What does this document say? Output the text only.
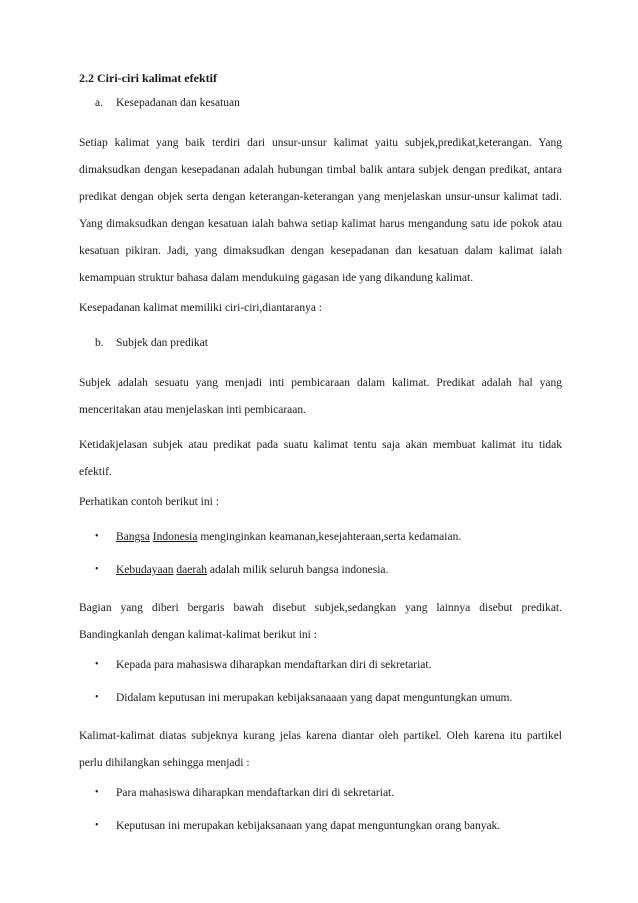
2.2 Ciri-ciri kalimat efektif
a.	Kesepadanan dan kesatuan

Setiap kalimat yang baik terdiri dari unsur-unsur kalimat yaitu subjek,predikat,keterangan. Yang dimaksudkan dengan kesepadanan adalah hubungan timbal balik antara subjek dengan predikat, antara predikat dengan objek serta dengan keterangan-keterangan yang menjelaskan unsur-unsur kalimat tadi. Yang dimaksudkan dengan kesatuan ialah bahwa setiap kalimat harus mengandung satu ide pokok atau kesatuan pikiran. Jadi, yang dimaksudkan dengan kesepadanan dan kesatuan dalam kalimat ialah kemampuan struktur bahasa dalam mendukuing gagasan ide yang dikandung kalimat.

Kesepadanan kalimat memiliki ciri-ciri,diantaranya :

b.	Subjek dan predikat

Subjek adalah sesuatu yang menjadi inti pembicaraan dalam kalimat. Predikat adalah hal yang menceritakan atau menjelaskan inti pembicaraan.

Ketidakjelasan subjek atau predikat pada suatu kalimat tentu saja akan membuat kalimat itu tidak efektif.

Perhatikan contoh berikut ini :

•	Bangsa Indonesia menginginkan keamanan,kesejahteraan,serta kedamaian.
•	Kebudayaan daerah adalah milik seluruh bangsa indonesia.

Bagian yang diberi bergaris bawah disebut subjek,sedangkan yang lainnya disebut predikat. Bandingkanlah dengan kalimat-kalimat berikut ini :

•	Kepada para mahasiswa diharapkan mendaftarkan diri di sekretariat.
•	Didalam keputusan ini merupakan kebijaksanaaan yang dapat menguntungkan umum.

Kalimat-kalimat diatas subjeknya kurang jelas karena diantar oleh partikel. Oleh karena itu partikel perlu dihilangkan sehingga menjadi :

•	Para mahasiswa diharapkan mendaftarkan diri di sekretariat.
•	Keputusan ini merupakan kebijaksanaan yang dapat menguntungkan orang banyak.
